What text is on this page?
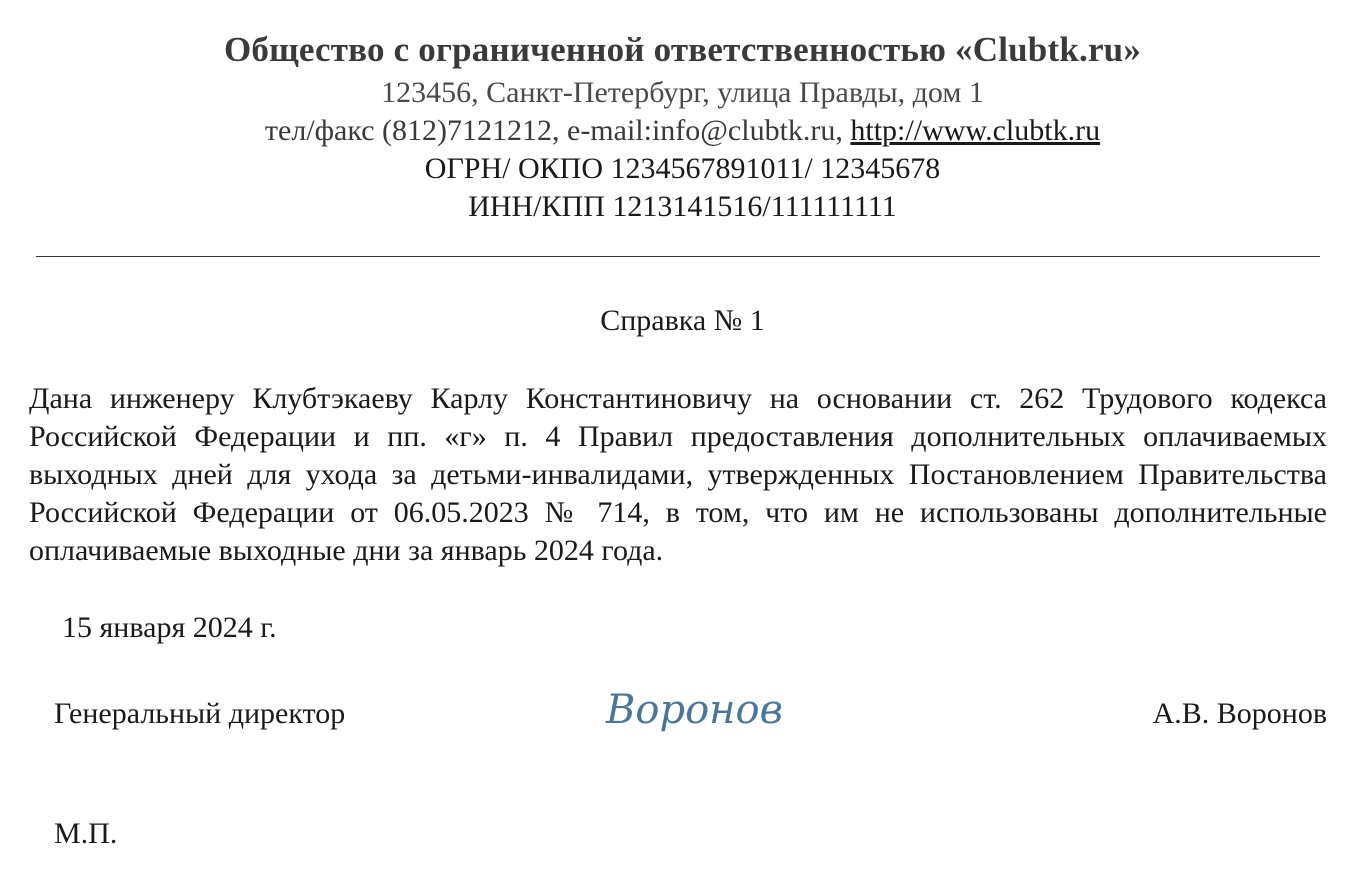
Общество с ограниченной ответственностью «Clubtk.ru»
123456, Санкт-Петербург, улица Правды, дом 1
тел/факс (812)7121212, e-mail:info@clubtk.ru, http://www.clubtk.ru
ОГРН/ ОКПО 1234567891011/ 12345678
ИНН/КПП 1213141516/111111111
Справка № 1
Дана инженеру Клубтэкаеву Карлу Константиновичу на основании ст. 262 Трудового кодекса Российской Федерации и пп. «г» п. 4 Правил предоставления дополнительных оплачиваемых выходных дней для ухода за детьми-инвалидами, утвержденных Постановлением Правительства Российской Федерации от 06.05.2023 № 714, в том, что им не использованы дополнительные оплачиваемые выходные дни за январь 2024 года.
15 января 2024 г.
Генеральный директор	Воронов	А.В. Воронов
М.П.
